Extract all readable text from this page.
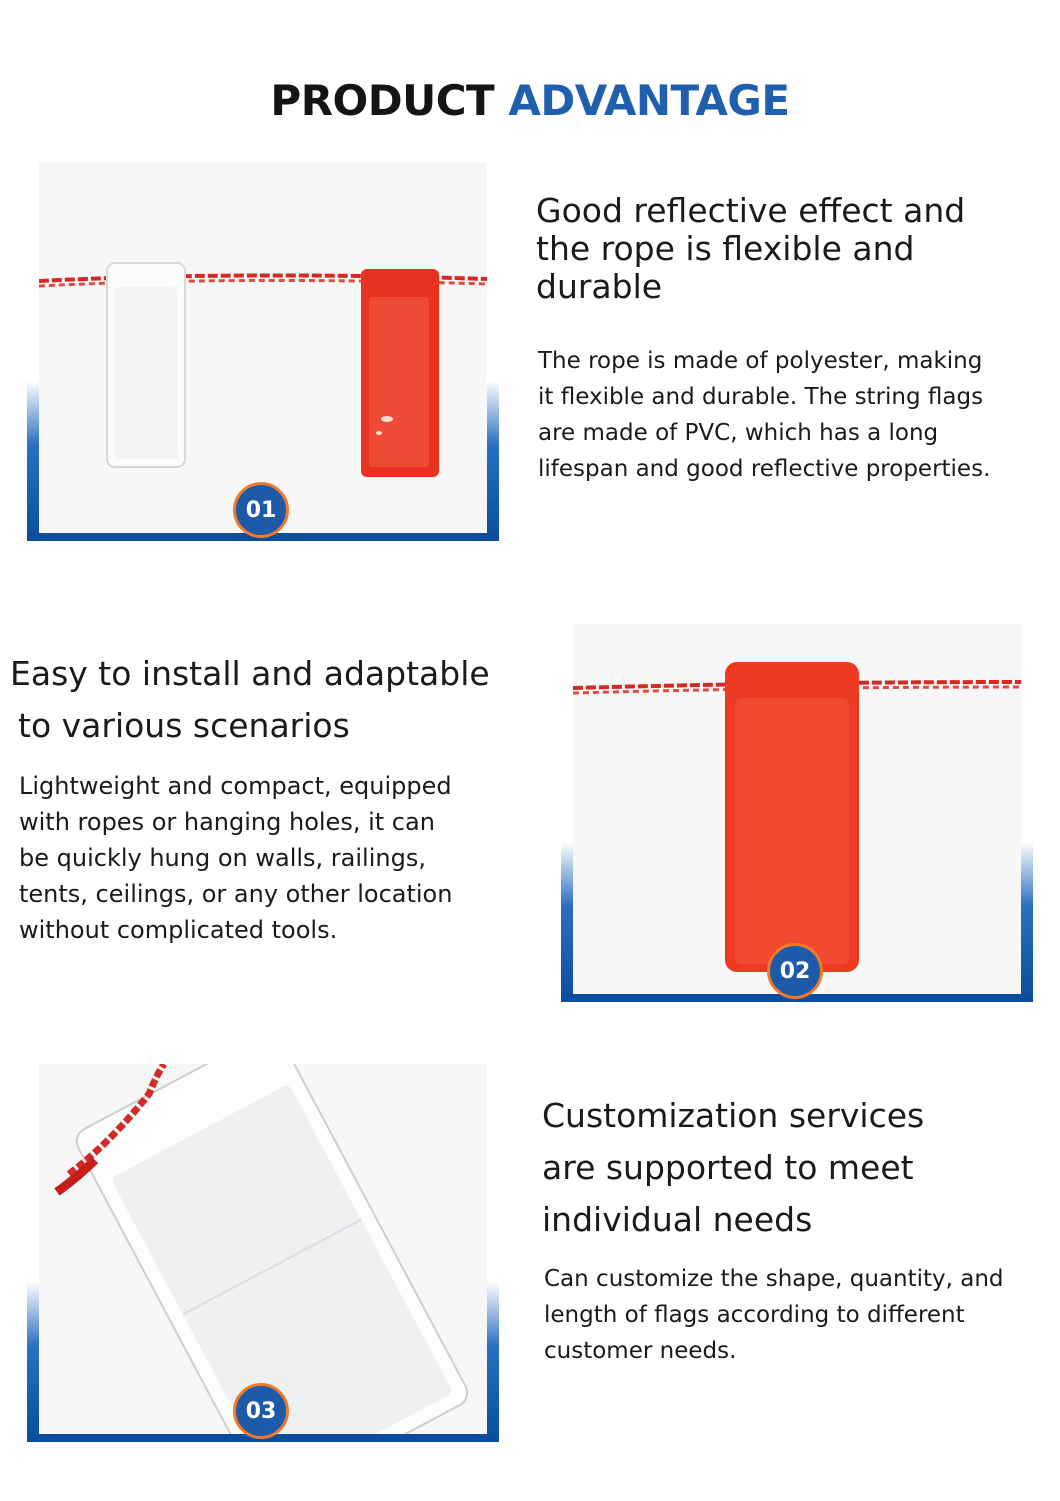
PRODUCT ADVANTAGE
01
Good reflective effect and
the rope is flexible and
durable
The rope is made of polyester, making
it flexible and durable. The string flags
are made of PVC, which has a long
lifespan and good reflective properties.
Easy to install and adaptable
to various scenarios
Lightweight and compact, equipped
with ropes or hanging holes, it can
be quickly hung on walls, railings,
tents, ceilings, or any other location
without complicated tools.
02
03
Customization services
are supported to meet
individual needs
Can customize the shape, quantity, and
length of flags according to different
customer needs.
